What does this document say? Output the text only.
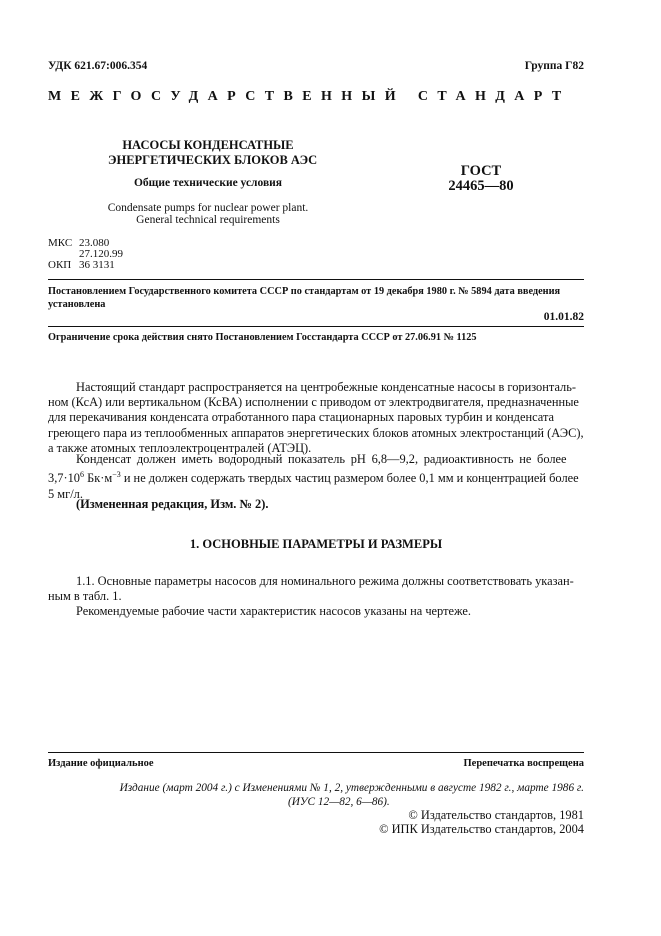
УДК 621.67:006.354	Группа Г82
МЕЖГОСУДАРСТВЕННЫЙ СТАНДАРТ
НАСОСЫ КОНДЕНСАТНЫЕ
ЭНЕРГЕТИЧЕСКИХ БЛОКОВ АЭС
Общие технические условия
Condensate pumps for nuclear power plant.
General technical requirements
ГОСТ
24465—80
МКС 23.080
27.120.99
ОКП 36 3131
Постановлением Государственного комитета СССР по стандартам от 19 декабря 1980 г. № 5894 дата введения установлена
01.01.82
Ограничение срока действия снято Постановлением Госстандарта СССР от 27.06.91 № 1125
Настоящий стандарт распространяется на центробежные конденсатные насосы в горизонталь-
ном (КсА) или вертикальном (КсВА) исполнении с приводом от электродвигателя, предназначенные
для перекачивания конденсата отработанного пара стационарных паровых турбин и конденсата
греющего пара из теплообменных аппаратов энергетических блоков атомных электростанций (АЭС),
а также атомных теплоэлектроцентралей (АТЭЦ).
Конденсат должен иметь водородный показатель рН 6,8—9,2, радиоактивность не более
$3,7\cdot 10^6$ $Бк\cdot м^{-3}$ и не должен содержать твердых частиц размером более 0,1 мм и концентрацией более
5 мг/л.
(Измененная редакция, Изм. № 2).
1. ОСНОВНЫЕ ПАРАМЕТРЫ И РАЗМЕРЫ
1.1. Основные параметры насосов для номинального режима должны соответствовать указан-
ным в табл. 1.
Рекомендуемые рабочие части характеристик насосов указаны на чертеже.
Издание официальное	Перепечатка воспрещена
Издание (март 2004 г.) с Изменениями № 1, 2, утвержденными в августе 1982 г., марте 1986 г.
(ИУС 12—82, 6—86).
© Издательство стандартов, 1981
© ИПК Издательство стандартов, 2004
